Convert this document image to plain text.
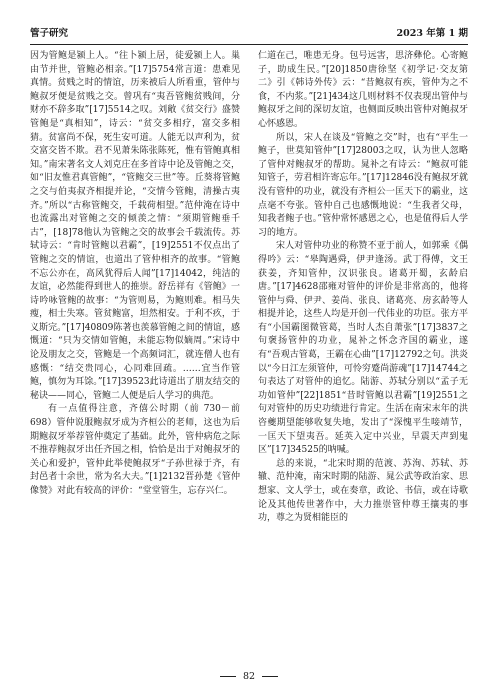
管子研究	2023 年第 1 期

因为管鲍是颍上人。“往卜颍上居，徒爱颍上人。巢由节并世，管鲍必相亲。”[17]5754常言道：患难见真情。贫贱之时的情谊，历来被后人所看重，管仲与鲍叔牙便是贫贱之交。曾巩有“夷吾管鲍贫贱间，分财亦不辞多取”[17]5514之叹。刘敞《贫交行》盛赞管鲍是“真相知”，诗云：“贫交多相疗，富交多相猜。贫富尚不保，死生安可道。人能无以声利为，贫交富交皆不欺。君不见萧朱陈张陈死，惟有管鲍真相知。”南宋著名文人刘克庄在多首诗中论及管鲍之交，如“旧友惟君真管鲍”，“管鲍交三世”等。丘葵将管鲍之交与伯夷叔齐相提并论，“交情今管鲍，清操古夷齐。”所以“古称管鲍交，千载荷相望。”范仲淹在诗中也流露出对管鲍之交的倾羡之情：“须期管鲍垂千古”，[18]78他认为管鲍之交的故事会千载流传。苏轼诗云：“肯时管鲍以君霸”，[19]2551不仅点出了管鲍之交的情谊，也道出了管仲相齐的故事。“管鲍不忘公亦在，高风犹得后人闻”[17]14042，纯洁的友谊，必然能得到世人的推崇。舒岳祥有《管鲍》一诗吟咏管鲍的故事：“为管则易，为鲍则难。相马失瘦，相士失寒。管贫鲍富，坦然相安。于利不疚，于义斯完。”[17]40809陈著也羡慕管鲍之间的情谊，感慨道：“只为交情如管鲍，未能忘物似嫡周。”宋诗中论及朋友之交，管鲍是一个高频词汇，就连僧人也有感慨：“结交贵同心，心同难回疏。……宜当作管鲍，慎勿为耳馀。”[17]39523此诗道出了朋友结交的秘诀——同心，管鲍二人便是后人学习的典范。

有一点值得注意，齐僖公时期（前 730－前 698）管仲说服鲍叔牙成为齐桓公的老师，这也为后期鲍叔牙举荐管仲奠定了基础。此外，管仲病危之际不推荐鲍叔牙出任齐国之相，恰恰是出于对鲍叔牙的关心和爱护，管仲此举使鲍叔牙“子孙世禄于齐，有封邑者十余世，常为名大夫。”[1]2132晋孙楚《管仲像赞》对此有较高的评价：“堂堂管生，忘存兴仁。

仁道在己，唯患无身。包号远害，思济彝伦。心寄鲍子，助成生民。”[20]1850唐徐坚《初学记·交友第二》引《韩诗外传》云：“昔鲍叔有疾，管仲为之不食，不内浆。”[21]434这几则材料不仅表现出管仲与鲍叔牙之间的深切友谊，也侧面反映出管仲对鲍叔牙心怀感恩。

所以，宋人在谈及“管鲍之交”时，也有“平生一鲍子，世莫知管仲”[17]28003之叹，认为世人忽略了管仲对鲍叔牙的帮助。晁补之有诗云：“鲍叔可能知管子，劳君相许寄忘年。”[17]12846没有鲍叔牙就没有管仲的功业，就没有齐桓公一匡天下的霸业，这点毫不夸张。管仲自己也感慨地说：“生我者父母，知我者鲍子也。”管仲常怀感恩之心，也是值得后人学习的地方。

宋人对管仲功业的称赞不亚于前人，如郭乘《偶得吟》云：“皋陶遇舜，伊尹逢汤。武丁得傅，文王获姜，齐知管仲，汉识张良。诸葛开蜀，玄龄启唐。”[17]4628邵雍对管仲的评价是非常高的，他将管仲与舜、伊尹、姜尚、张良、诸葛亮、房玄龄等人相提并论，这些人均是开创一代伟业的功臣。张方平有“小国霸图微管葛，当时人杰自萧张”[17]3837之句褒扬管仲的功业，晁补之怀念齐国的霸业，遂有“吾观古管葛，王霸在心曲”[17]12792之句。洪炎以“今日江左须管仲，可怜穷蹙尚游魂”[17]14744之句表达了对管仲的追忆。陆游、苏轼分别以“孟子无功如管仲”[22]1851“昔时管鲍以君霸”[19]2551之句对管仲的历史功绩进行肯定。生活在南宋末年的洪咨夔期望能够收复失地，发出了“深愧平生唼靖节，一匡天下望夷吾。延英入定中兴业，早震天声到鬼区”[17]34525的呐喊。

总的来说，“北宋时期的范渡、苏洵、苏轼、苏辙、范仲淹，南宋时期的陆游、晁公武等政治家、思想家、文人学士，或在奏章，政论、书信，或在诗歌论及其他传世著作中，大力推崇管仲尊王攘夷的事功，尊之为贤相能臣的

82
